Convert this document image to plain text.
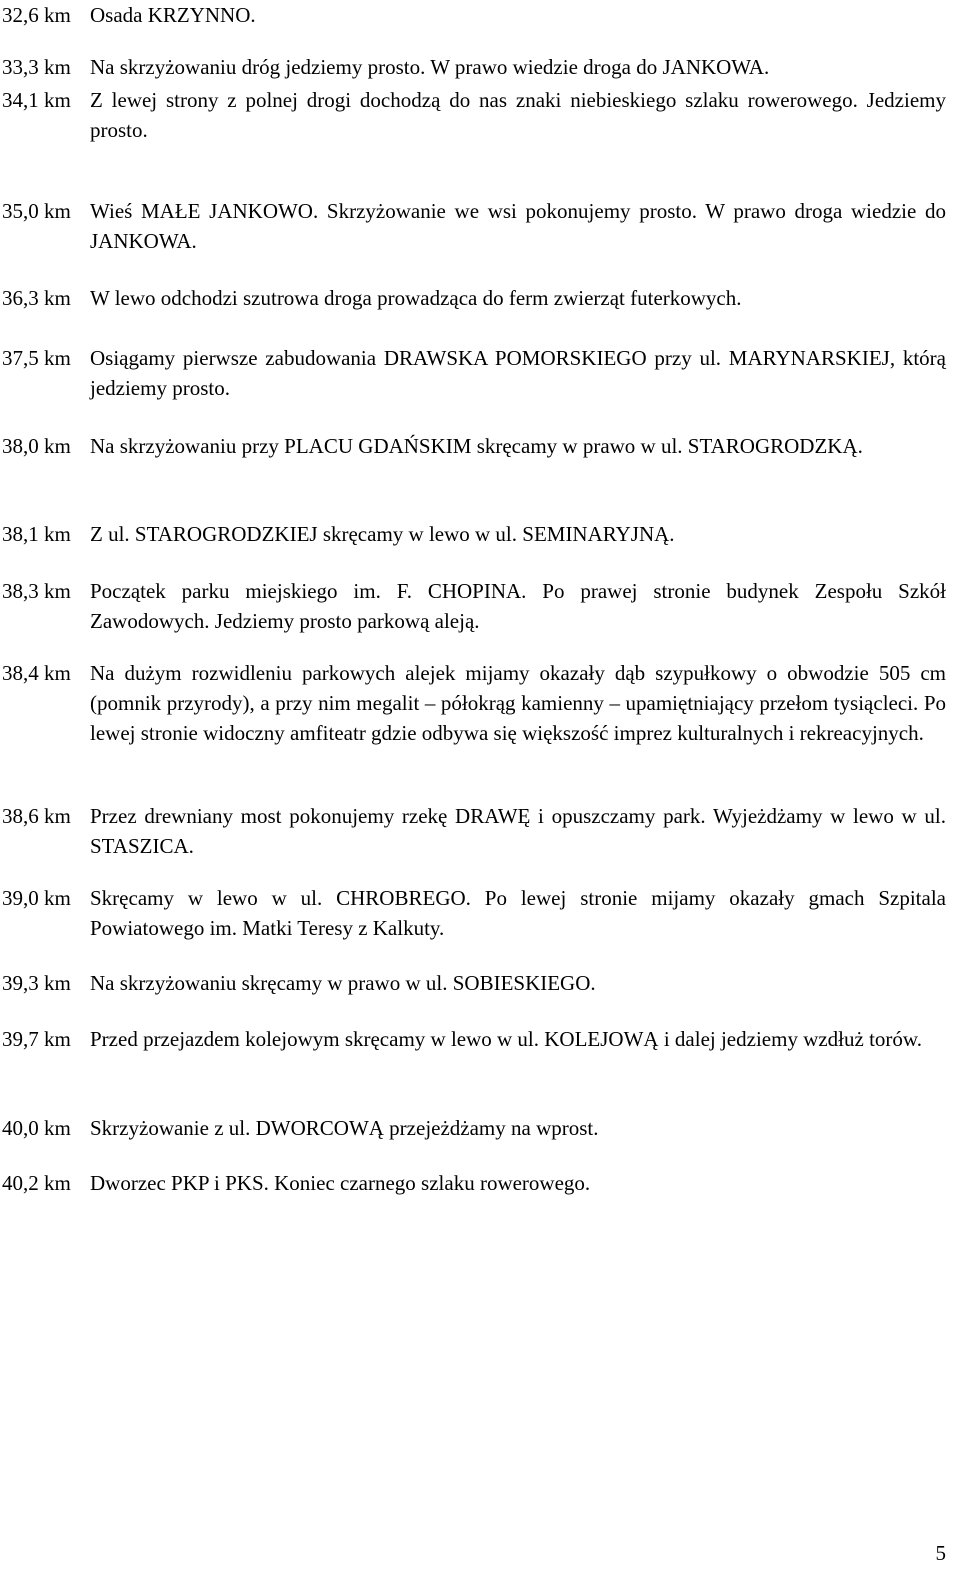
32,6 km Osada KRZYNNO.
33,3 km Na skrzyżowaniu dróg jedziemy prosto. W prawo wiedzie droga do JANKOWA.
34,1 km Z lewej strony z polnej drogi dochodzą do nas znaki niebieskiego szlaku rowerowego. Jedziemy prosto.
35,0 km Wieś MAŁE JANKOWO. Skrzyżowanie we wsi pokonujemy prosto. W prawo droga wiedzie do JANKOWA.
36,3 km W lewo odchodzi szutrowa droga prowadząca do ferm zwierząt futerkowych.
37,5 km Osiągamy pierwsze zabudowania DRAWSKA POMORSKIEGO przy ul. MARYNARSKIEJ, którą jedziemy prosto.
38,0 km Na skrzyżowaniu przy PLACU GDAŃSKIM skręcamy w prawo w ul. STAROGRODZKĄ.
38,1 km Z ul. STAROGRODZKIEJ skręcamy w lewo w ul. SEMINARYJNĄ.
38,3 km Początek parku miejskiego im. F. CHOPINA. Po prawej stronie budynek Zespołu Szkół Zawodowych. Jedziemy prosto parkową aleją.
38,4 km Na dużym rozwidleniu parkowych alejek mijamy okazały dąb szypułkowy o obwodzie 505 cm (pomnik przyrody), a przy nim megalit – półokrąg kamienny – upamiętniający przełom tysiącleci. Po lewej stronie widoczny amfiteatr gdzie odbywa się większość imprez kulturalnych i rekreacyjnych.
38,6 km Przez drewniany most pokonujemy rzekę DRAWĘ i opuszczamy park. Wyjeżdżamy w lewo w ul. STASZICA.
39,0 km Skręcamy w lewo w ul. CHROBREGO. Po lewej stronie mijamy okazały gmach Szpitala Powiatowego im. Matki Teresy z Kalkuty.
39,3 km Na skrzyżowaniu skręcamy w prawo w ul. SOBIESKIEGO.
39,7 km Przed przejazdem kolejowym skręcamy w lewo w ul. KOLEJOWĄ i dalej jedziemy wzdłuż torów.
40,0 km Skrzyżowanie z ul. DWORCOWĄ przejeżdżamy na wprost.
40,2 km Dworzec PKP i PKS. Koniec czarnego szlaku rowerowego.
5
